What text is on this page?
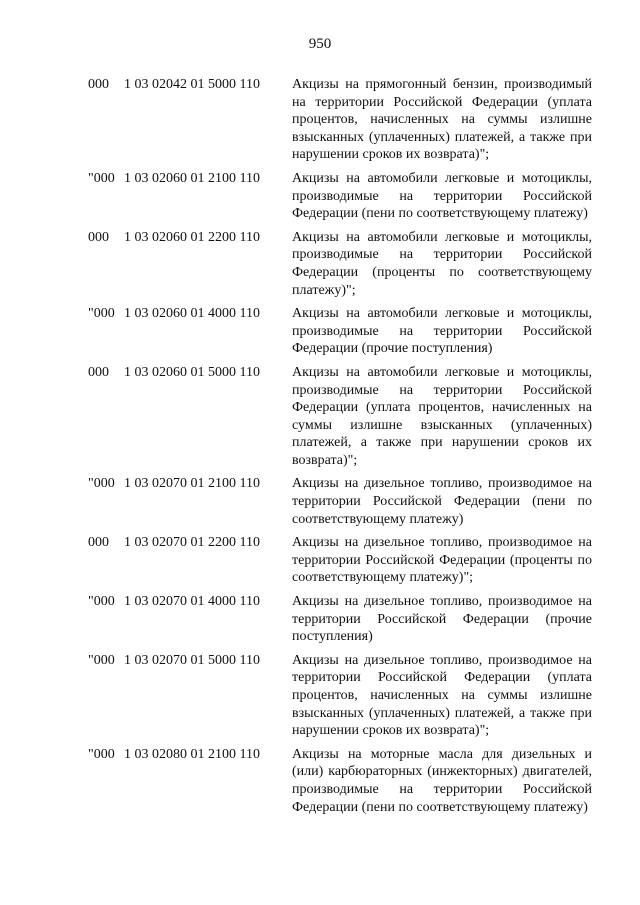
950
000	1 03 02042 01 5000 110	Акцизы на прямогонный бензин, производимый на территории Российской Федерации (уплата процентов, начисленных на суммы излишне взысканных (уплаченных) платежей, а также при нарушении сроков их возврата)";
"000 1 03 02060 01 2100 110	Акцизы на автомобили легковые и мотоциклы, производимые на территории Российской Федерации (пени по соответствующему платежу)
000	1 03 02060 01 2200 110	Акцизы на автомобили легковые и мотоциклы, производимые на территории Российской Федерации (проценты по соответствующему платежу)";
"000 1 03 02060 01 4000 110	Акцизы на автомобили легковые и мотоциклы, производимые на территории Российской Федерации (прочие поступления)
000	1 03 02060 01 5000 110	Акцизы на автомобили легковые и мотоциклы, производимые на территории Российской Федерации (уплата процентов, начисленных на суммы излишне взысканных (уплаченных) платежей, а также при нарушении сроков их возврата)";
"000 1 03 02070 01 2100 110	Акцизы на дизельное топливо, производимое на территории Российской Федерации (пени по соответствующему платежу)
000	1 03 02070 01 2200 110	Акцизы на дизельное топливо, производимое на территории Российской Федерации (проценты по соответствующему платежу)";
"000 1 03 02070 01 4000 110	Акцизы на дизельное топливо, производимое на территории Российской Федерации (прочие поступления)
"000 1 03 02070 01 5000 110	Акцизы на дизельное топливо, производимое на территории Российской Федерации (уплата процентов, начисленных на суммы излишне взысканных (уплаченных) платежей, а также при нарушении сроков их возврата)";
"000 1 03 02080 01 2100 110	Акцизы на моторные масла для дизельных и (или) карбюраторных (инжекторных) двигателей, производимые на территории Российской Федерации (пени по соответствующему платежу)
